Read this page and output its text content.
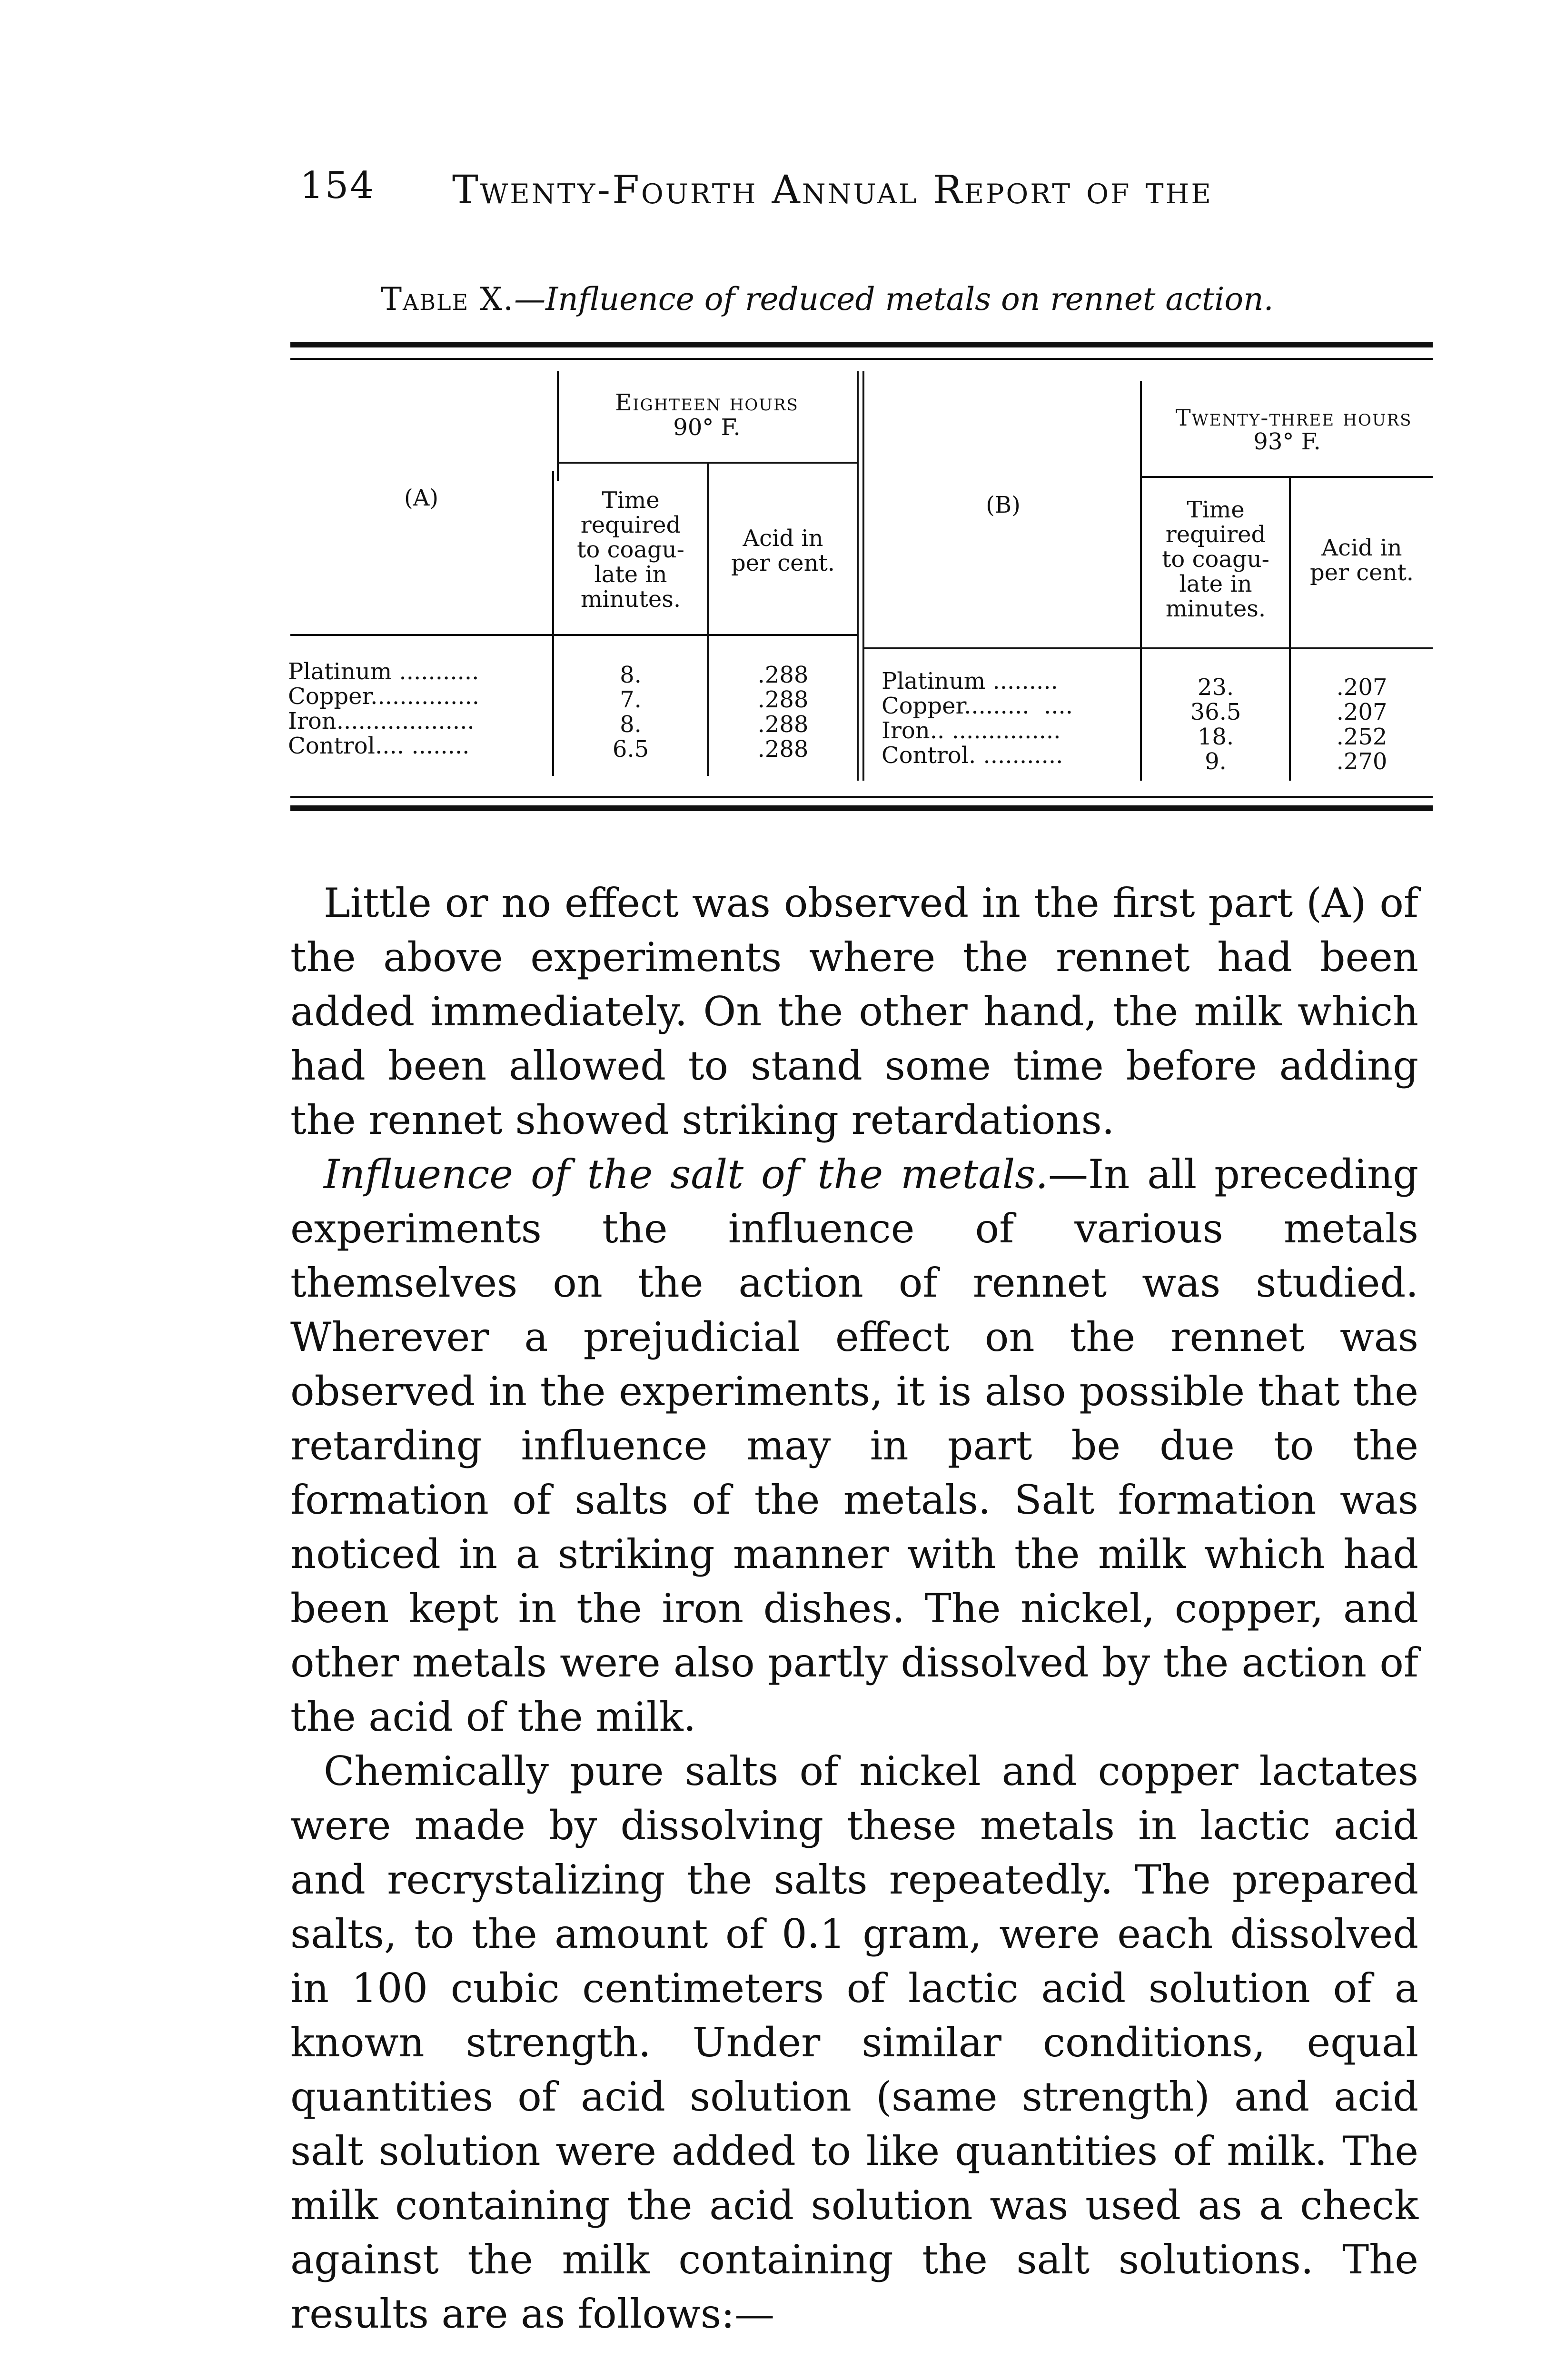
154 Twenty-Fourth Annual Report of the
Table X.—Influence of reduced metals on rennet action.
(A)
Eighteen hours
90° F.
Time
required
to coagu-
late in
minutes.
Acid in
per cent.
Platinum ...........
Copper...............
Iron...................
Control.... ........
8.
7.
8.
6.5
.288
.288
.288
.288
(B)
Twenty-three hours
93° F.
Time
required
to coagu-
late in
minutes.
Acid in
per cent.
Platinum .........
Copper.........  ....
Iron.. ...............
Control. ...........
23.
36.5
18.
9.
.207
.207
.252
.270

Little or no effect was observed in the first part (A) of the above experiments where the rennet had been added immediately. On the other hand, the milk which had been allowed to stand some time before adding the rennet showed striking retardations.

Influence of the salt of the metals.—In all preceding experiments the influence of various metals themselves on the action of rennet was studied. Wherever a prejudicial effect on the rennet was observed in the experiments, it is also possible that the retarding influence may in part be due to the formation of salts of the metals. Salt formation was noticed in a striking manner with the milk which had been kept in the iron dishes. The nickel, copper, and other metals were also partly dissolved by the action of the acid of the milk.

Chemically pure salts of nickel and copper lactates were made by dissolving these metals in lactic acid and recrystalizing the salts repeatedly. The prepared salts, to the amount of 0.1 gram, were each dissolved in 100 cubic centimeters of lactic acid solution of a known strength. Under similar conditions, equal quantities of acid solution (same strength) and acid salt solution were added to like quantities of milk. The milk containing the acid solution was used as a check against the milk containing the salt solutions. The results are as follows:—
